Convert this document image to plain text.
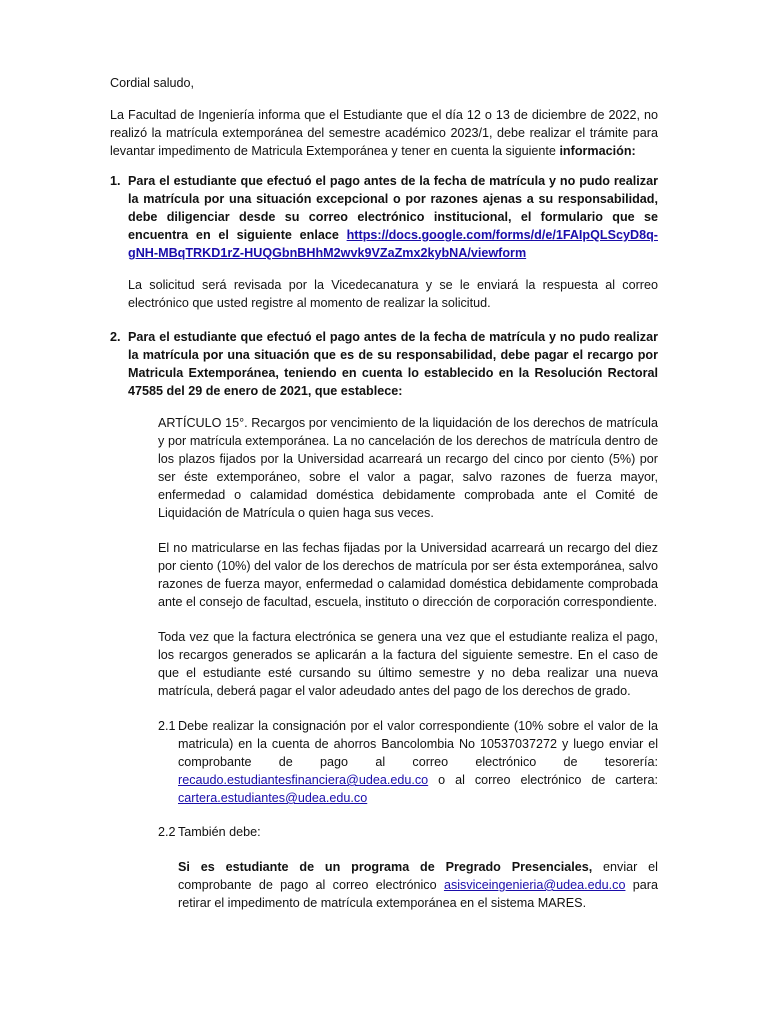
Cordial saludo,

La Facultad de Ingeniería informa que el Estudiante que el día 12 o 13 de diciembre de 2022, no realizó la matrícula extemporánea del semestre académico 2023/1, debe realizar el trámite para levantar impedimento de Matricula Extemporánea y tener en cuenta la siguiente información:

1. Para el estudiante que efectuó el pago antes de la fecha de matrícula y no pudo realizar la matrícula por una situación excepcional o por razones ajenas a su responsabilidad, debe diligenciar desde su correo electrónico institucional, el formulario que se encuentra en el siguiente enlace https://docs.google.com/forms/d/e/1FAIpQLScyD8q-gNH-MBqTRKD1rZ-HUQGbnBHhM2wvk9VZaZmx2kybNA/viewform

La solicitud será revisada por la Vicedecanatura y se le enviará la respuesta al correo electrónico que usted registre al momento de realizar la solicitud.

2. Para el estudiante que efectuó el pago antes de la fecha de matrícula y no pudo realizar la matrícula por una situación que es de su responsabilidad, debe pagar el recargo por Matricula Extemporánea, teniendo en cuenta lo establecido en la Resolución Rectoral 47585 del 29 de enero de 2021, que establece:

ARTÍCULO 15°. Recargos por vencimiento de la liquidación de los derechos de matrícula y por matrícula extemporánea. La no cancelación de los derechos de matrícula dentro de los plazos fijados por la Universidad acarreará un recargo del cinco por ciento (5%) por ser éste extemporáneo, sobre el valor a pagar, salvo razones de fuerza mayor, enfermedad o calamidad doméstica debidamente comprobada ante el Comité de Liquidación de Matrícula o quien haga sus veces.

El no matricularse en las fechas fijadas por la Universidad acarreará un recargo del diez por ciento (10%) del valor de los derechos de matrícula por ser ésta extemporánea, salvo razones de fuerza mayor, enfermedad o calamidad doméstica debidamente comprobada ante el consejo de facultad, escuela, instituto o dirección de corporación correspondiente.

Toda vez que la factura electrónica se genera una vez que el estudiante realiza el pago, los recargos generados se aplicarán a la factura del siguiente semestre. En el caso de que el estudiante esté cursando su último semestre y no deba realizar una nueva matrícula, deberá pagar el valor adeudado antes del pago de los derechos de grado.

2.1 Debe realizar la consignación por el valor correspondiente (10% sobre el valor de la matricula) en la cuenta de ahorros Bancolombia No 10537037272 y luego enviar el comprobante de pago al correo electrónico de tesorería: recaudo.estudiantesfinanciera@udea.edu.co o al correo electrónico de cartera: cartera.estudiantes@udea.edu.co

2.2 También debe:

Si es estudiante de un programa de Pregrado Presenciales, enviar el comprobante de pago al correo electrónico asisviceingenieria@udea.edu.co para retirar el impedimento de matrícula extemporánea en el sistema MARES.
